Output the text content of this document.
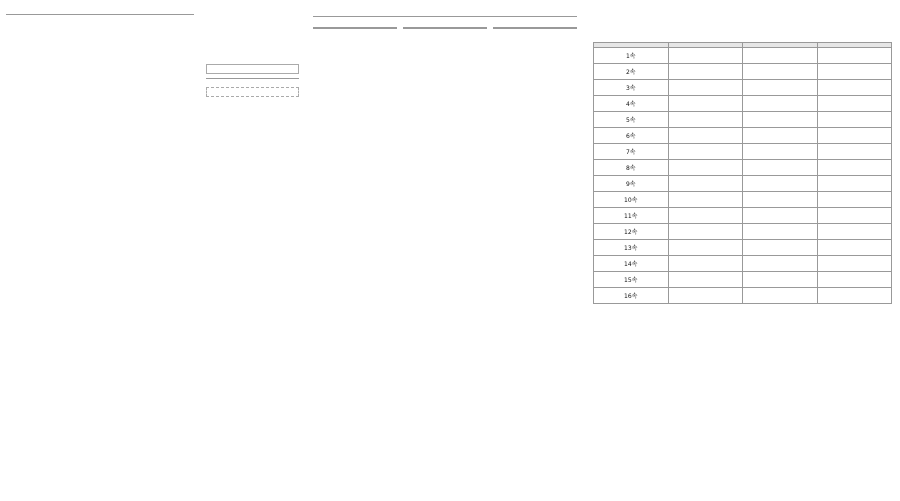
1속			
2속			
3속			
4속			
5속			
6속			
7속			
8속			
9속			
10속			
11속			
12속			
13속			
14속			
15속			
16속			
